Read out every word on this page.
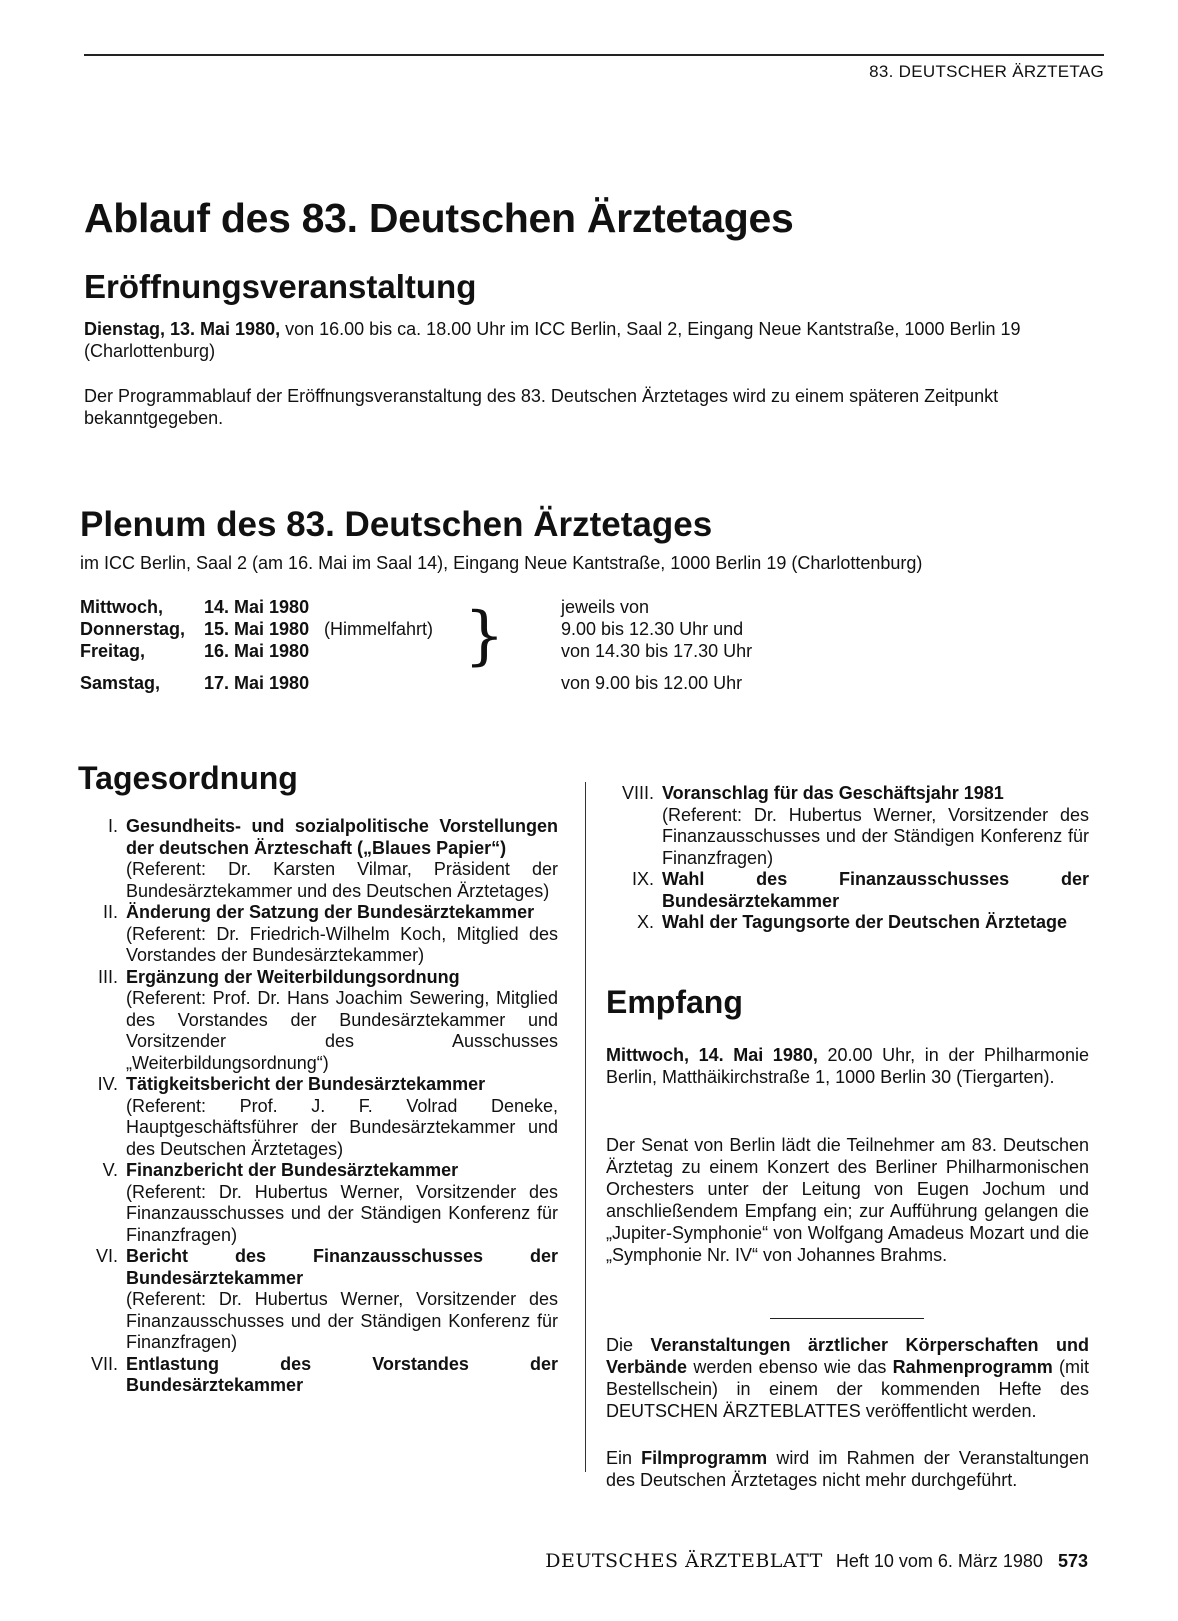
83. DEUTSCHER ÄRZTETAG
Ablauf des 83. Deutschen Ärztetages
Eröffnungsveranstaltung

Dienstag, 13. Mai 1980, von 16.00 bis ca. 18.00 Uhr im ICC Berlin, Saal 2, Eingang Neue Kantstraße, 1000 Berlin 19 (Charlottenburg)

Der Programmablauf der Eröffnungsveranstaltung des 83. Deutschen Ärztetages wird zu einem späteren Zeitpunkt bekanntgegeben.

Plenum des 83. Deutschen Ärztetages

im ICC Berlin, Saal 2 (am 16. Mai im Saal 14), Eingang Neue Kantstraße, 1000 Berlin 19 (Charlottenburg)

Mittwoch, 14. Mai 1980	jeweils von
Donnerstag, 15. Mai 1980 (Himmelfahrt)	9.00 bis 12.30 Uhr und
Freitag,	16. Mai 1980	von 14.30 bis 17.30 Uhr
}
Samstag, 17. Mai 1980	von 9.00 bis 12.00 Uhr
Tagesordnung
I. Gesundheits- und sozialpolitische Vorstellungen der deutschen Ärzteschaft („Blaues Papier“)
(Referent: Dr. Karsten Vilmar, Präsident der Bundesärztekammer und des Deutschen Ärztetages)
II. Änderung der Satzung der Bundesärztekammer
(Referent: Dr. Friedrich-Wilhelm Koch, Mitglied des Vorstandes der Bundesärztekammer)
III. Ergänzung der Weiterbildungsordnung
(Referent: Prof. Dr. Hans Joachim Sewering, Mitglied des Vorstandes der Bundesärztekammer und Vorsitzender des Ausschusses „Weiterbildungsordnung“)
IV. Tätigkeitsbericht der Bundesärztekammer
(Referent: Prof. J. F. Volrad Deneke, Hauptgeschäftsführer der Bundesärztekammer und des Deutschen Ärztetages)
V. Finanzbericht der Bundesärztekammer
(Referent: Dr. Hubertus Werner, Vorsitzender des Finanzausschusses und der Ständigen Konferenz für Finanzfragen)
VI. Bericht des Finanzausschusses der Bundesärztekammer
(Referent: Dr. Hubertus Werner, Vorsitzender des Finanzausschusses und der Ständigen Konferenz für Finanzfragen)
VII. Entlastung des Vorstandes der Bundesärztekammer
VIII. Voranschlag für das Geschäftsjahr 1981
(Referent: Dr. Hubertus Werner, Vorsitzender des Finanzausschusses und der Ständigen Konferenz für Finanzfragen)
IX. Wahl des Finanzausschusses der Bundesärztekammer
X. Wahl der Tagungsorte der Deutschen Ärztetage
Empfang

Mittwoch, 14. Mai 1980, 20.00 Uhr, in der Philharmonie Berlin, Matthäikirchstraße 1, 1000 Berlin 30 (Tiergarten).

Der Senat von Berlin lädt die Teilnehmer am 83. Deutschen Ärztetag zu einem Konzert des Berliner Philharmonischen Orchesters unter der Leitung von Eugen Jochum und anschließendem Empfang ein; zur Aufführung gelangen die „Jupiter-Symphonie“ von Wolfgang Amadeus Mozart und die „Symphonie Nr. IV“ von Johannes Brahms.

Die Veranstaltungen ärztlicher Körperschaften und Verbände werden ebenso wie das Rahmenprogramm (mit Bestellschein) in einem der kommenden Hefte des DEUTSCHEN ÄRZTEBLATTES veröffentlicht werden.

Ein Filmprogramm wird im Rahmen der Veranstaltungen des Deutschen Ärztetages nicht mehr durchgeführt.

DEUTSCHES ÄRZTEBLATT Heft 10 vom 6. März 1980 573
